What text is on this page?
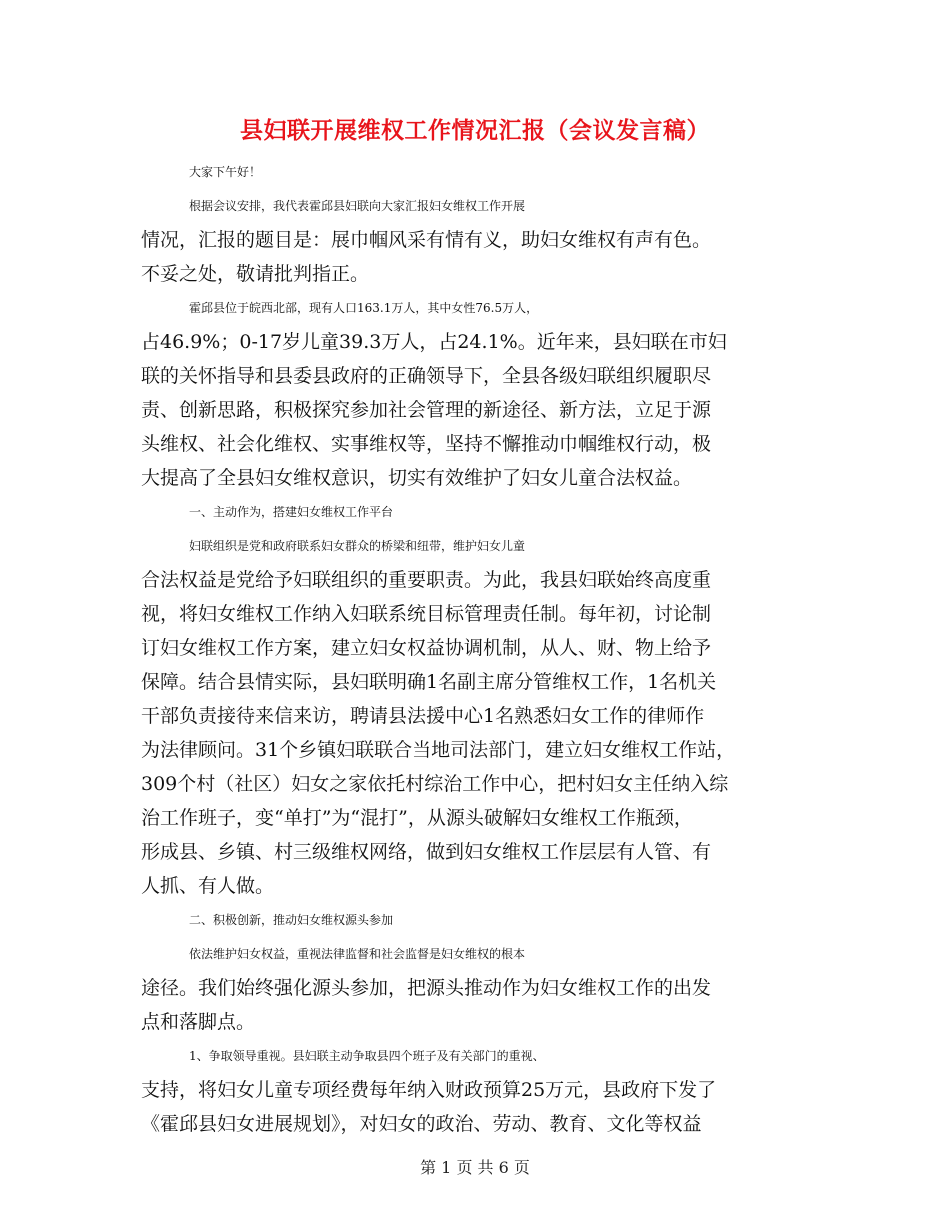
县妇联开展维权工作情况汇报（会议发言稿）
大家下午好！
根据会议安排，我代表霍邱县妇联向大家汇报妇女维权工作开展
情况，汇报的题目是：展巾帼风采有情有义，助妇女维权有声有色。
不妥之处，敬请批判指正。
霍邱县位于皖西北部，现有人口163.1万人，其中女性76.5万人，
占46.9%；0-17岁儿童39.3万人，占24.1%。近年来，县妇联在市妇
联的关怀指导和县委县政府的正确领导下，全县各级妇联组织履职尽
责、创新思路，积极探究参加社会管理的新途径、新方法，立足于源
头维权、社会化维权、实事维权等，坚持不懈推动巾帼维权行动，极
大提高了全县妇女维权意识，切实有效维护了妇女儿童合法权益。
一、主动作为，搭建妇女维权工作平台
妇联组织是党和政府联系妇女群众的桥梁和纽带，维护妇女儿童
合法权益是党给予妇联组织的重要职责。为此，我县妇联始终高度重
视，将妇女维权工作纳入妇联系统目标管理责任制。每年初，讨论制
订妇女维权工作方案，建立妇女权益协调机制，从人、财、物上给予
保障。结合县情实际，县妇联明确1名副主席分管维权工作，1名机关
干部负责接待来信来访，聘请县法援中心1名熟悉妇女工作的律师作
为法律顾问。31个乡镇妇联联合当地司法部门，建立妇女维权工作站，
309个村（社区）妇女之家依托村综治工作中心，把村妇女主任纳入综
治工作班子，变“单打”为“混打”，从源头破解妇女维权工作瓶颈，
形成县、乡镇、村三级维权网络，做到妇女维权工作层层有人管、有
人抓、有人做。
二、积极创新，推动妇女维权源头参加
依法维护妇女权益，重视法律监督和社会监督是妇女维权的根本
途径。我们始终强化源头参加，把源头推动作为妇女维权工作的出发
点和落脚点。
1、争取领导重视。县妇联主动争取县四个班子及有关部门的重视、
支持，将妇女儿童专项经费每年纳入财政预算25万元，县政府下发了
《霍邱县妇女进展规划》，对妇女的政治、劳动、教育、文化等权益
第 1 页 共 6 页
